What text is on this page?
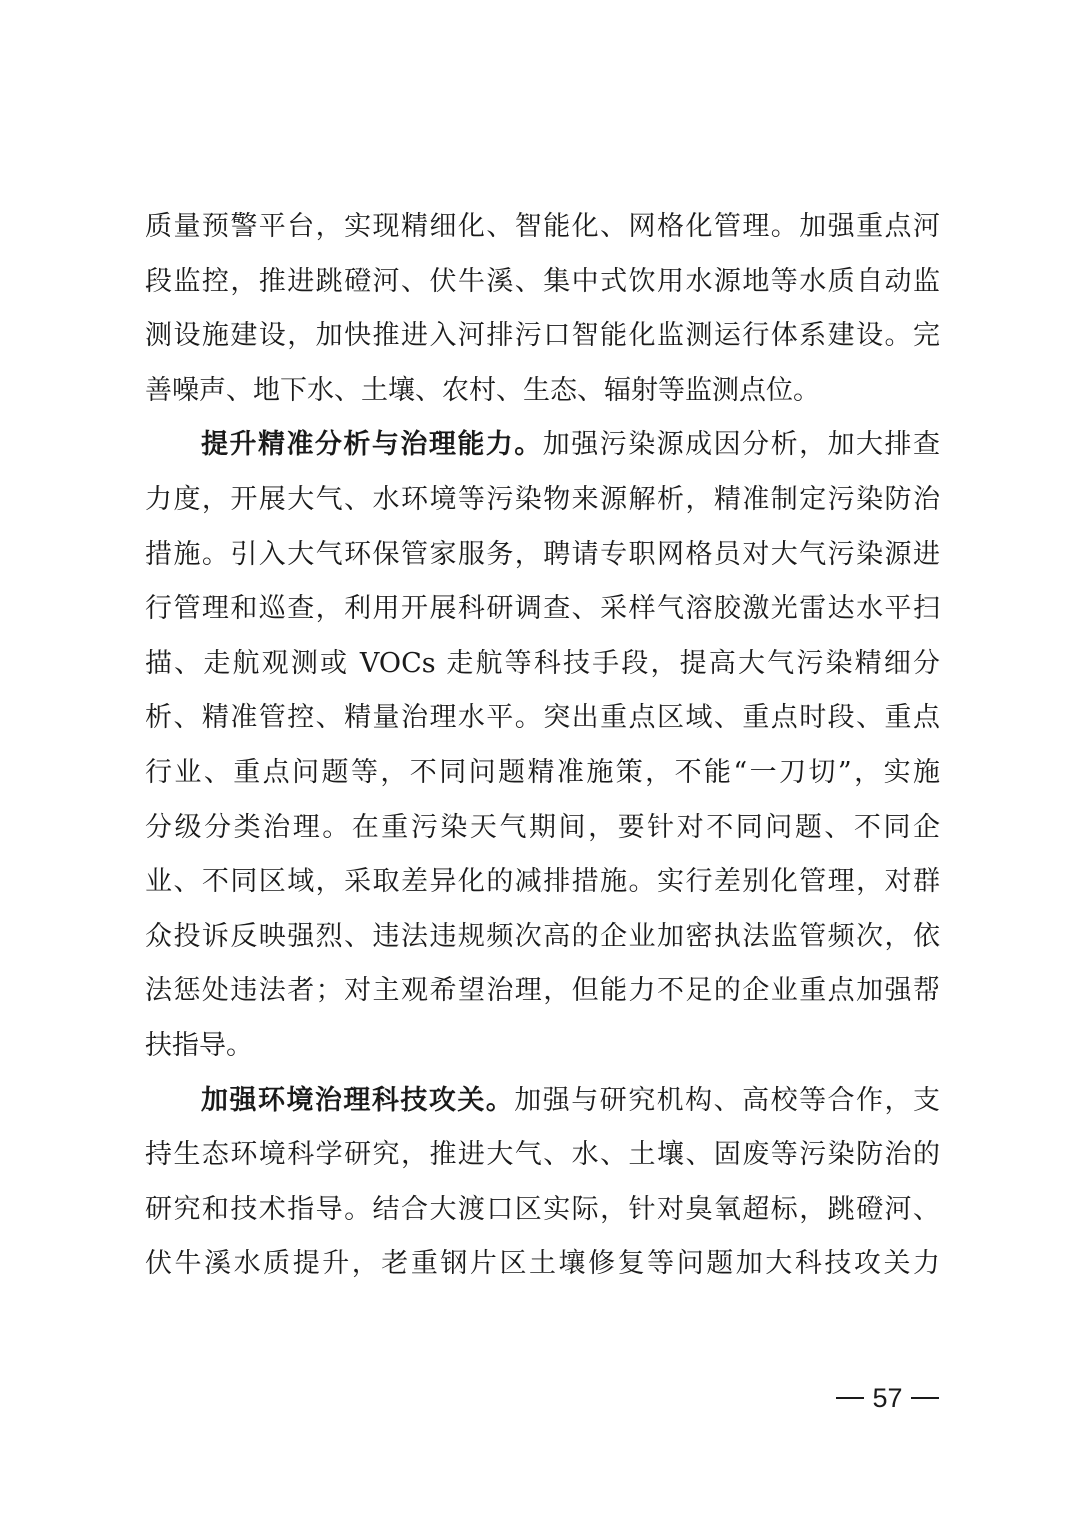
质量预警平台，实现精细化、智能化、网格化管理。加强重点河
段监控，推进跳磴河、伏牛溪、集中式饮用水源地等水质自动监
测设施建设，加快推进入河排污口智能化监测运行体系建设。完
善噪声、地下水、土壤、农村、生态、辐射等监测点位。
提升精准分析与治理能力。加强污染源成因分析，加大排查
力度，开展大气、水环境等污染物来源解析，精准制定污染防治
措施。引入大气环保管家服务，聘请专职网格员对大气污染源进
行管理和巡查，利用开展科研调查、采样气溶胶激光雷达水平扫
描、走航观测或 VOCs 走航等科技手段，提高大气污染精细分
析、精准管控、精量治理水平。突出重点区域、重点时段、重点
行业、重点问题等，不同问题精准施策，不能“一刀切”，实施
分级分类治理。在重污染天气期间，要针对不同问题、不同企
业、不同区域，采取差异化的减排措施。实行差别化管理，对群
众投诉反映强烈、违法违规频次高的企业加密执法监管频次，依
法惩处违法者；对主观希望治理，但能力不足的企业重点加强帮
扶指导。
加强环境治理科技攻关。加强与研究机构、高校等合作，支
持生态环境科学研究，推进大气、水、土壤、固废等污染防治的
研究和技术指导。结合大渡口区实际，针对臭氧超标，跳磴河、
伏牛溪水质提升，老重钢片区土壤修复等问题加大科技攻关力
57
